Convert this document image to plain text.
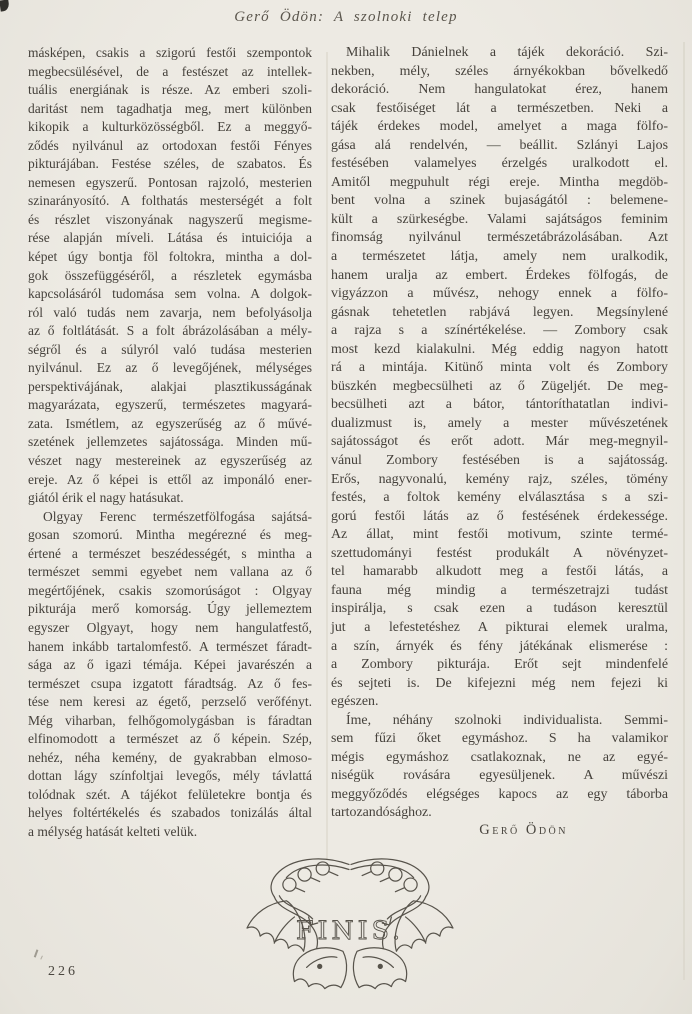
Gerő Ödön: A szolnoki telep
másképen, csakis a szigorú festői szempontok
megbecsülésével, de a festészet az intellek-
tuális energiának is része. Az emberi szoli-
daritást nem tagadhatja meg, mert különben
kikopik a kulturközösségből. Ez a meggyő-
ződés nyilvánul az ortodoxan festői Fényes
pikturájában. Festése széles, de szabatos. És
nemesen egyszerű. Pontosan rajzoló, mesterien
szinarányosító. A folthatás mesterségét a folt
és részlet viszonyának nagyszerű megisme-
rése alapján míveli. Látása és intuiciója a
képet úgy bontja föl foltokra, mintha a dol-
gok összefüggéséről, a részletek egymásba
kapcsolásáról tudomása sem volna. A dolgok-
ról való tudás nem zavarja, nem befolyásolja
az ő foltlátását. S a folt ábrázolásában a mély-
ségről és a súlyról való tudása mesterien
nyilvánul. Ez az ő levegőjének, mélységes
perspektivájának, alakjai plasztikusságának
magyarázata, egyszerű, természetes magyará-
zata. Ismétlem, az egyszerűség az ő művé-
szetének jellemzetes sajátossága. Minden mű-
vészet nagy mestereinek az egyszerűség az
ereje. Az ő képei is ettől az imponáló ener-
giától érik el nagy hatásukat.
Olgyay Ferenc természetfölfogása sajátsá-
gosan szomorú. Mintha megérezné és meg-
értené a természet beszédességét, s mintha a
természet semmi egyebet nem vallana az ő
megértőjének, csakis szomorúságot : Olgyay
pikturája merő komorság. Úgy jellemeztem
egyszer Olgyayt, hogy nem hangulatfestő,
hanem inkább tartalomfestő. A természet fáradt-
sága az ő igazi témája. Képei javarészén a
természet csupa izgatott fáradtság. Az ő fes-
tése nem keresi az égető, perzselő verőfényt.
Még viharban, felhőgomolygásban is fáradtan
elfinomodott a természet az ő képein. Szép,
nehéz, néha kemény, de gyakrabban elmoso-
dottan lágy színfoltjai levegős, mély távlattá
tolódnak szét. A tájékot felületekre bontja és
helyes foltértékelés és szabados tonizálás által
a mélység hatását kelteti velük.
Mihalik Dánielnek a tájék dekoráció. Szi-
nekben, mély, széles árnyékokban bővelkedő
dekoráció. Nem hangulatokat érez, hanem
csak festőiséget lát a természetben. Neki a
tájék érdekes model, amelyet a maga fölfo-
gása alá rendelvén, — beállit. Szlányi Lajos
festésében valamelyes érzelgés uralkodott el.
Amitől megpuhult régi ereje. Mintha megdöb-
bent volna a szinek bujaságától : belemene-
kült a szürkeségbe. Valami sajátságos feminim
finomság nyilvánul természetábrázolásában. Azt
a természetet látja, amely nem uralkodik,
hanem uralja az embert. Érdekes fölfogás, de
vigyázzon a művész, nehogy ennek a fölfo-
gásnak tehetetlen rabjává legyen. Megsínylené
a rajza s a színértékelése. — Zombory csak
most kezd kialakulni. Még eddig nagyon hatott
rá a mintája. Kitünő minta volt és Zombory
büszkén megbecsülheti az ő Zügeljét. De meg-
becsülheti azt a bátor, tántoríthatatlan indivi-
dualizmust is, amely a mester művészetének
sajátosságot és erőt adott. Már meg-megnyil-
vánul Zombory festésében is a sajátosság.
Erős, nagyvonalú, kemény rajz, széles, tömény
festés, a foltok kemény elválasztása s a szi-
gorú festői látás az ő festésének érdekessége.
Az állat, mint festői motivum, szinte termé-
szettudományi festést produkált A növényzet-
tel hamarabb alkudott meg a festői látás, a
fauna még mindig a természetrajzi tudást
inspirálja, s csak ezen a tudáson keresztül
jut a lefestetéshez A pikturai elemek uralma,
a szín, árnyék és fény játékának elismerése :
a Zombory pikturája. Erőt sejt mindenfelé
és sejteti is. De kifejezni még nem fejezi ki
egészen.
Íme, néhány szolnoki individualista. Semmi-
sem fűzi őket egymáshoz. S ha valamikor
mégis egymáshoz csatlakoznak, ne az egyé-
niségük rovására egyesüljenek. A művészi
meggyőződés elégséges kapocs az egy táborba
tartozandósághoz.
Gerő Ödön
FINIS.
226
